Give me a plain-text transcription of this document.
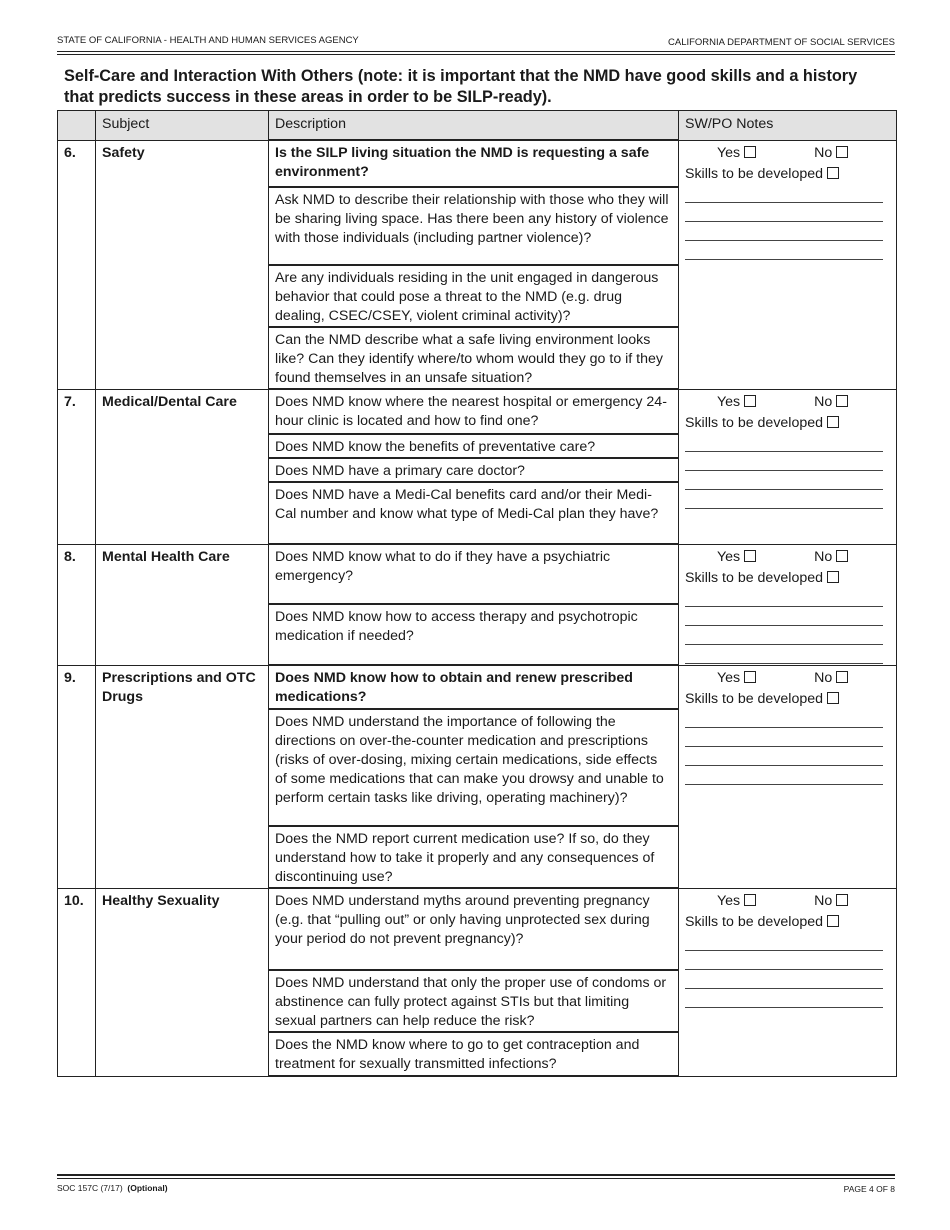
STATE OF CALIFORNIA - HEALTH AND HUMAN SERVICES AGENCY	CALIFORNIA DEPARTMENT OF SOCIAL SERVICES
Self-Care and Interaction With Others (note: it is important that the NMD have good skills and a history that predicts success in these areas in order to be SILP-ready).
	Subject	Description	SW/PO Notes
6.	Safety	Is the SILP living situation the NMD is requesting a safe environment?	Yes No
Skills to be developed

		Ask NMD to describe their relationship with those who they will be sharing living space. Has there been any history of violence with those individuals (including partner violence)?	
		Are any individuals residing in the unit engaged in dangerous behavior that could pose a threat to the NMD (e.g. drug dealing, CSEC/CSEY, violent criminal activity)?	
		Can the NMD describe what a safe living environment looks like? Can they identify where/to whom would they go to if they found themselves in an unsafe situation?	
7.	Medical/Dental Care	Does NMD know where the nearest hospital or emergency 24-hour clinic is located and how to find one?	Yes No
Skills to be developed

		Does NMD know the benefits of preventative care?	
		Does NMD have a primary care doctor?	
		Does NMD have a Medi-Cal benefits card and/or their Medi-Cal number and know what type of Medi-Cal plan they have?	
8.	Mental Health Care	Does NMD know what to do if they have a psychiatric emergency?	Yes No
Skills to be developed

		Does NMD know how to access therapy and psychotropic medication if needed?	
9.	Prescriptions and OTC Drugs	Does NMD know how to obtain and renew prescribed medications?	Yes No
Skills to be developed

		Does NMD understand the importance of following the directions on over-the-counter medication and prescriptions (risks of over-dosing, mixing certain medications, side effects of some medications that can make you drowsy and unable to perform certain tasks like driving, operating machinery)?	
		Does the NMD report current medication use? If so, do they understand how to take it properly and any consequences of discontinuing use?	
10.	Healthy Sexuality	Does NMD understand myths around preventing pregnancy (e.g. that “pulling out” or only having unprotected sex during your period do not prevent pregnancy)?	Yes No
Skills to be developed

		Does NMD understand that only the proper use of condoms or abstinence can fully protect against STIs but that limiting sexual partners can help reduce the risk?	
		Does the NMD know where to go to get contraception and treatment for sexually transmitted infections?	
SOC 157C (7/17) (Optional)	PAGE 4 OF 8
